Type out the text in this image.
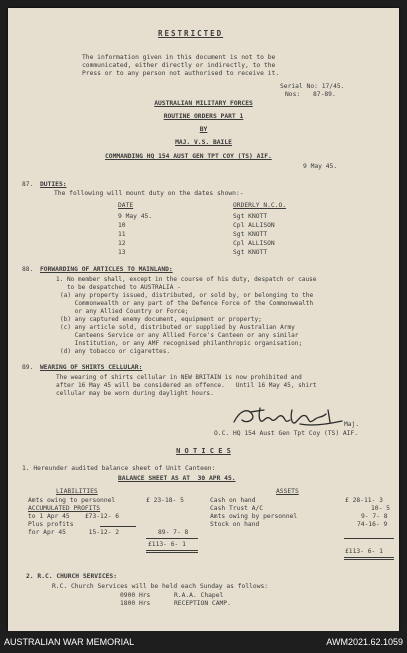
RESTRICTED
The information given in this document is not to be
communicated, either directly or indirectly, to the
Press or to any person not authorised to receive it.
Serial No: 17/45.
Nos: 87-89.
AUSTRALIAN MILITARY FORCES
ROUTINE ORDERS PART 1
BY
MAJ. V.S. BAILE
COMMANDING HQ 154 AUST GEN TPT COY (TS) AIF.
9 May 45.
87. DUTIES:
The following will mount duty on the dates shown:-
DATE	ORDERLY N.C.O.
9 May 45.	Sgt KNOTT
10	Cpl ALLISON
11	Sgt KNOTT
12	Cpl ALLISON
13	Sgt KNOTT
88. FORWARDING OF ARTICLES TO MAINLAND:
1. No member shall, except in the course of his duty, despatch or cause
to be despatched to AUSTRALIA -
(a) any property issued, distributed, or sold by, or belonging to the
Commonwealth or any part of the Defence Force of the Commonwealth
or any Allied Country or Force;
(b) any captured enemy document, equipment or property;
(c) any article sold, distributed or supplied by Australian Army
Canteens Service or any Allied Force's Canteen or any similar
Institution, or any AMF recognised philanthropic organisation;
(d) any tobacco or cigarettes.
89. WEARING OF SHIRTS CELLULAR:
The wearing of shirts cellular in NEW BRITAIN is now prohibited and
after 16 May 45 will be considered an offence.   Until 16 May 45, shirt
cellular may be worn during daylight hours.
Maj.
O.C. HQ 154 Aust Gen Tpt Coy (TS) AIF.
N O T I C E S
1. Hereunder audited balance sheet of Unit Canteen:
BALANCE SHEET AS AT  30 APR 45.
LIABILITIES	ASSETS
Amts owing to personnel	£ 23-18- 5
ACCUMULATED PROFITS
to 1 Apr 45    £73-12- 6
Plus profits
for Apr 45      15-12- 2	89- 7- 8
£113- 6- 1
Cash on hand	£ 28-11- 3
Cash Trust A/C	10- 5
Amts owing by personnel	9- 7- 8
Stock on hand	74-16- 9
£113- 6- 1
2. R.C. CHURCH SERVICES:
R.C. Church Services will be held each Sunday as follows:
0900 Hrs	R.A.A. Chapel
1800 Hrs	RECEPTION CAMP.
AUSTRALIAN WAR MEMORIAL	AWM2021.62.1059
